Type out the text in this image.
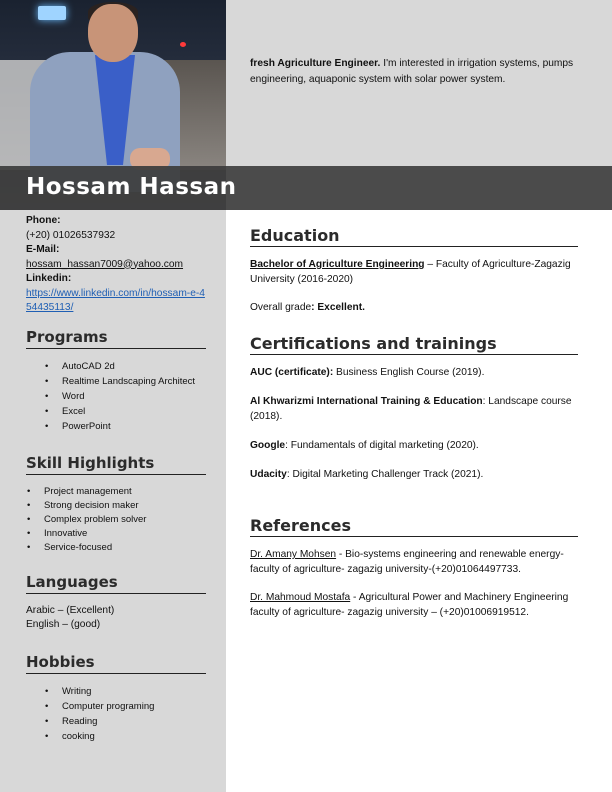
Hossam Hassan
fresh Agriculture Engineer. I'm interested in irrigation systems, pumps engineering, aquaponic system with solar power system.
Phone:
(+20) 01026537932
E-Mail:
hossam_hassan7009@yahoo.com
Linkedin:
https://www.linkedin.com/in/hossam-e-454435113/
Programs
• AutoCAD 2d
• Realtime Landscaping Architect
• Word
• Excel
• PowerPoint
Skill Highlights
• Project management
• Strong decision maker
• Complex problem solver
• Innovative
• Service-focused
Languages
Arabic – (Excellent)
English – (good)
Hobbies
• Writing
• Computer programing
• Reading
• cooking
Education

Bachelor of Agriculture Engineering – Faculty of Agriculture-Zagazig University (2016-2020)

Overall grade: Excellent.

Certifications and trainings

AUC (certificate): Business English Course (2019).

Al Khwarizmi International Training & Education: Landscape course (2018).

Google: Fundamentals of digital marketing (2020).

Udacity: Digital Marketing Challenger Track (2021).

References

Dr. Amany Mohsen - Bio-systems engineering and renewable energy-faculty of agriculture- zagazig university-(+20)01064497733.

Dr. Mahmoud Mostafa - Agricultural Power and Machinery Engineering faculty of agriculture- zagazig university – (+20)01006919512.
